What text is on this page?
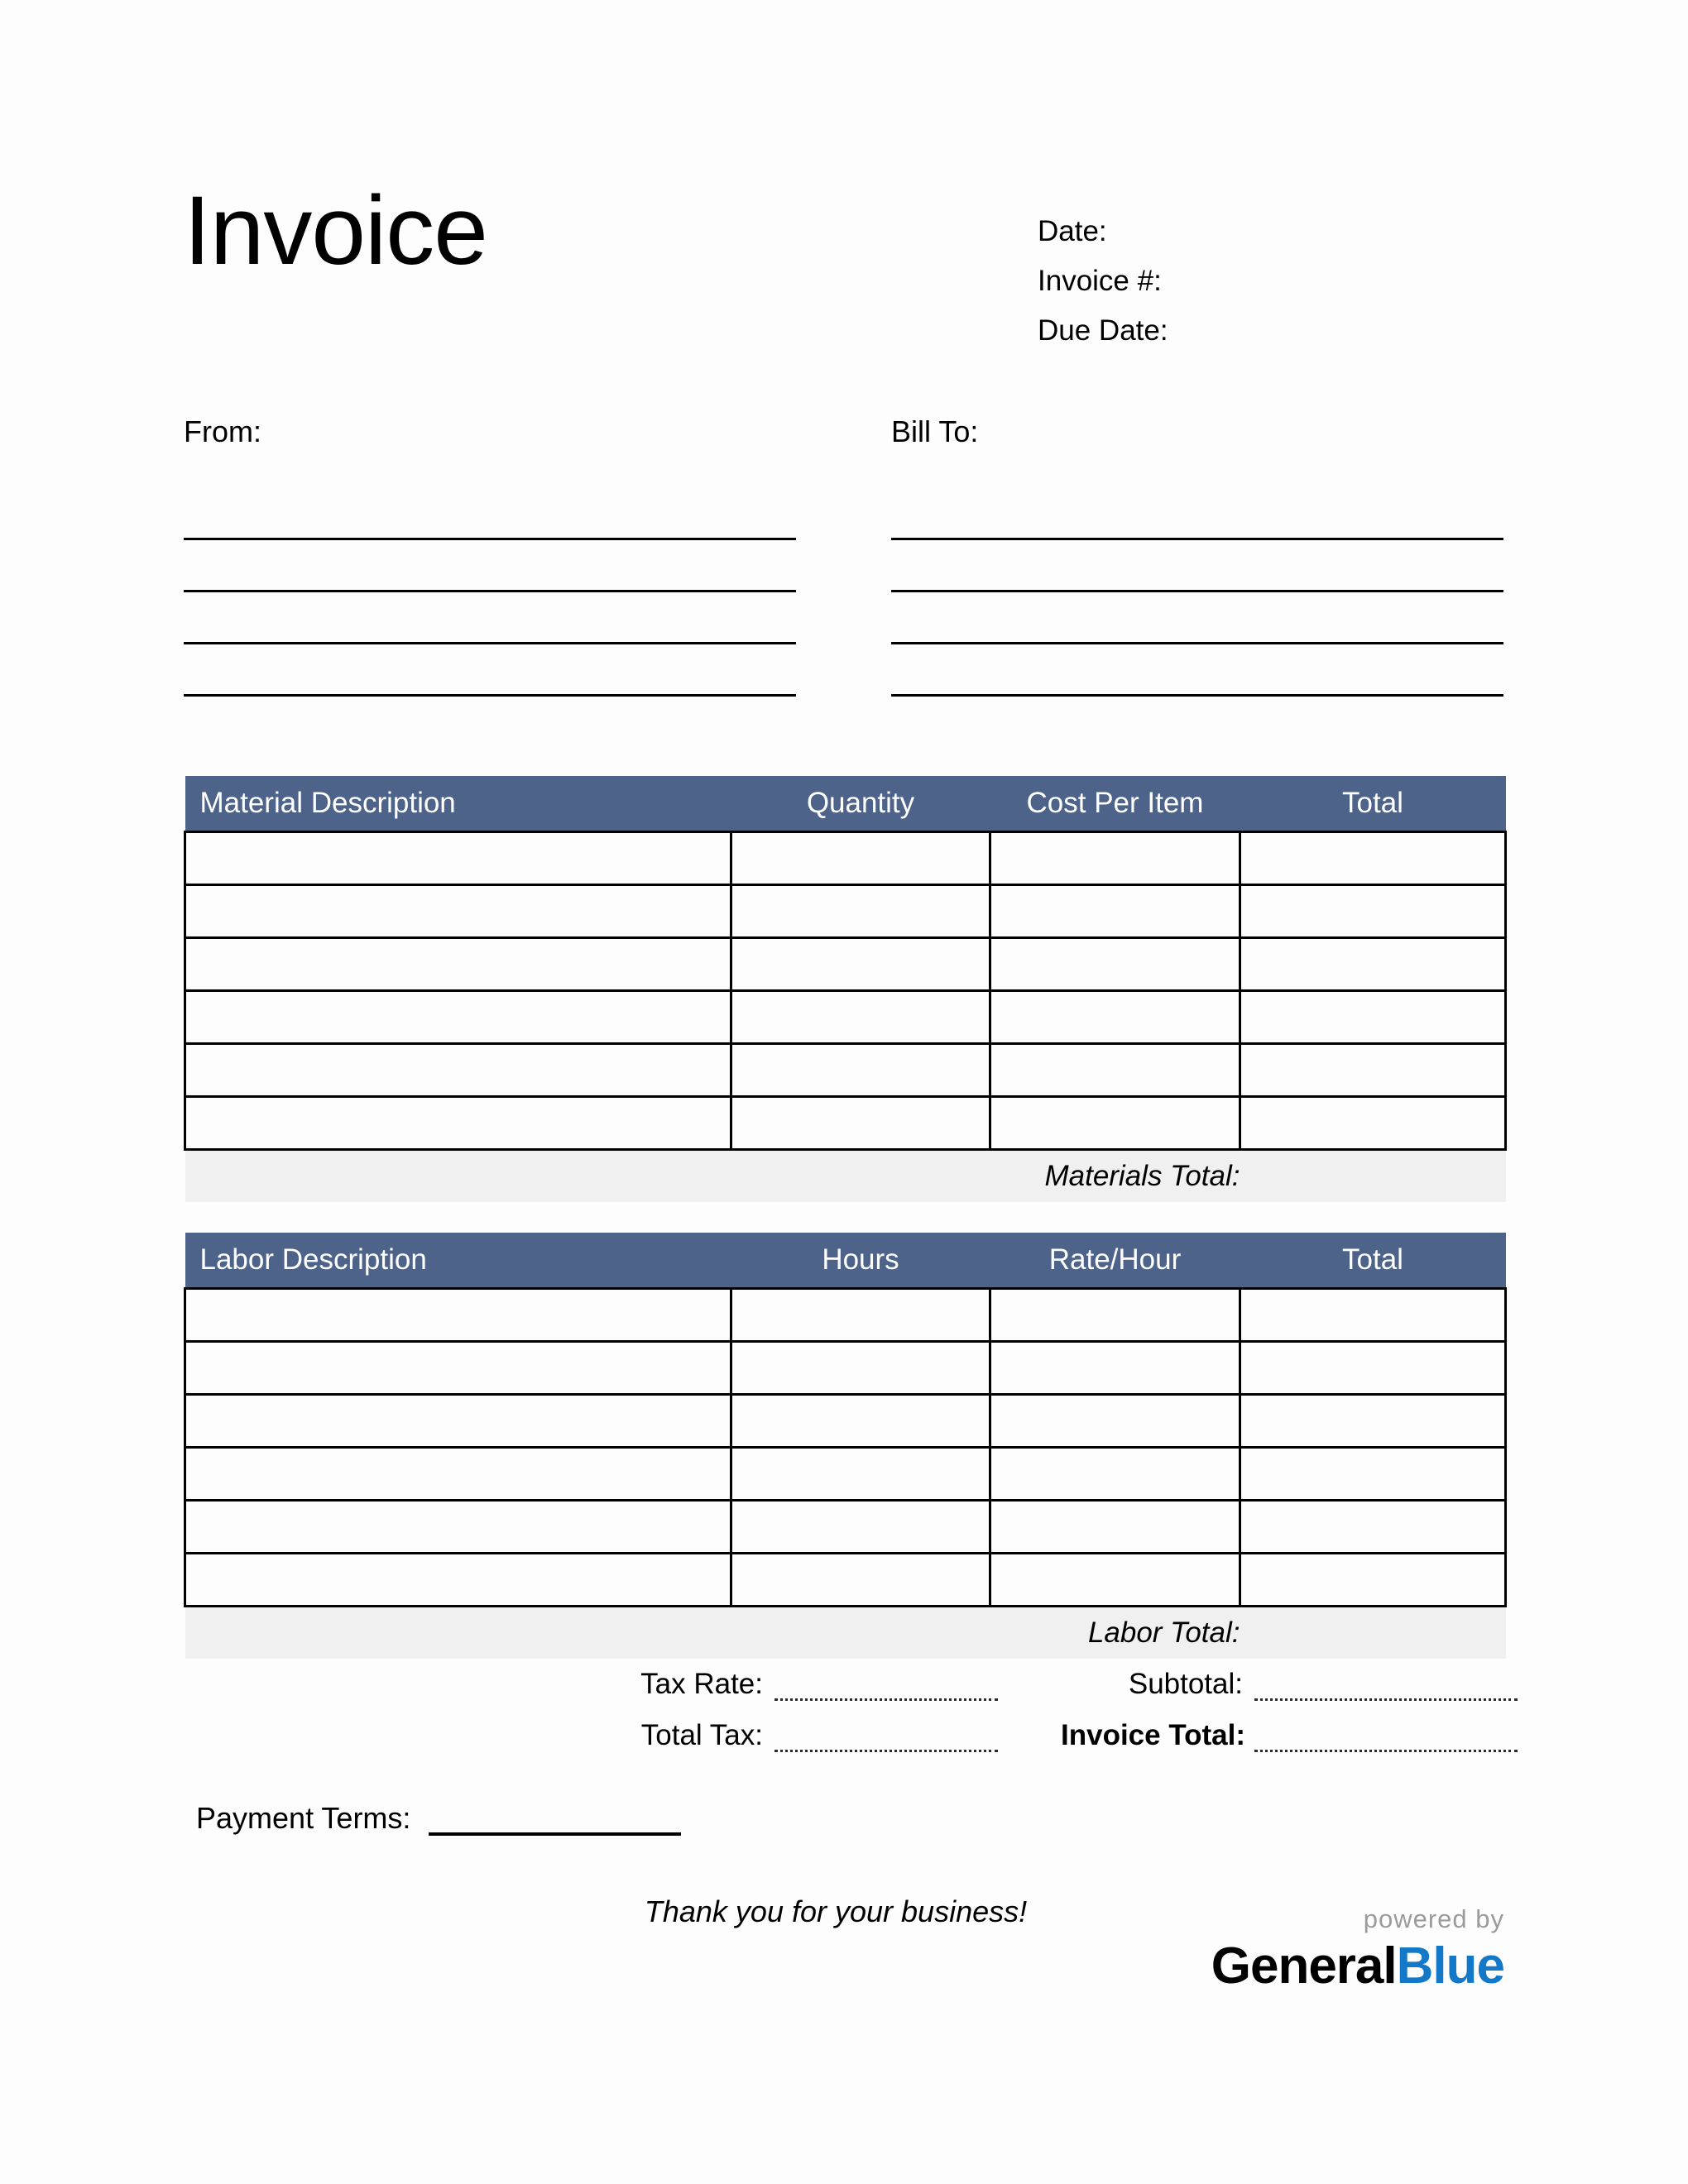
Invoice	Date:
Invoice #:
Due Date:
From:	Bill To:
Material Description	Quantity	Cost Per Item	Total

Materials Total:			
Labor Description	Hours	Rate/Hour	Total

Labor Total:			
Tax Rate:
Total Tax:
Subtotal:
Invoice Total:
Payment Terms:
Thank you for your business!	powered by
GeneralBlue
